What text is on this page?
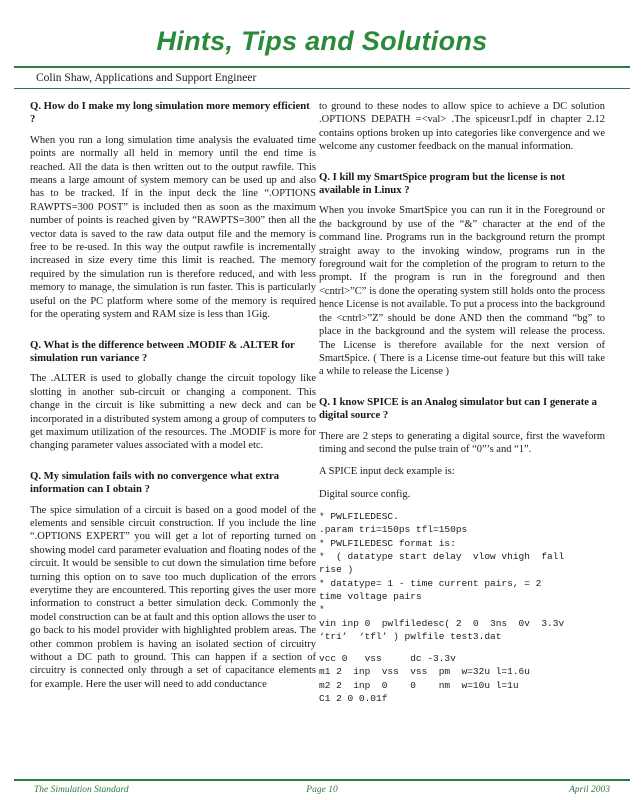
Hints, Tips and Solutions
Colin Shaw, Applications and Support Engineer
Q. How do I make my long simulation more memory efficient ?
When you run a long simulation time analysis the evaluated time points are normally all held in memory until the end time is reached. All the data is then written out to the output rawfile. This means a large amount of system memory can be used up and also has to be tracked. If in the input deck the line “.OPTIONS RAWPTS=300 POST” is included then as soon as the maximum number of points is reached given by “RAWPTS=300” then all the vector data is saved to the raw data output file and the memory is free to be re-used. In this way the output rawfile is incrementally increased in size every time this limit is reached. The memory required by the simulation run is therefore reduced, and with less memory to manage, the simulation is run faster. This is particularly useful on the PC platform where some of the memory is required for the operating system and RAM size is less than 1Gig.
Q. What is the difference between .MODIF & .ALTER for simulation run variance ?
The .ALTER is used to globally change the circuit topology like slotting in another sub-circuit or changing a component. This change in the circuit is like submitting a new deck and can be incorporated in a distributed system among a group of computers to get maximum utilization of the resources. The .MODIF is more for changing parameter values associated with a model etc.
Q. My simulation fails with no convergence what extra information can I obtain ?
The spice simulation of a circuit is based on a good model of the elements and sensible circuit construction. If you include the line “.OPTIONS EXPERT” you will get a lot of reporting turned on showing model card parameter evaluation and floating nodes of the circuit. It would be sensible to cut down the simulation time before turning this option on to save too much duplication of the errors everytime they are encountered. This reporting gives the user more information to construct a better simulation deck. Commonly the model construction can be at fault and this option allows the user to go back to his model provider with highlighted problem areas. The other common problem is having an isolated section of circuitry without a DC path to ground. This can happen if a section of circuitry is connected only through a set of capacitance elements for example. Here the user will need to add conductance
to ground to these nodes to allow spice to achieve a DC solution .OPTIONS DEPATH =<val> .The spiceusr1.pdf in chapter 2.12 contains options broken up into categories like convergence and we welcome any customer feedback on the manual information.
Q. I kill my SmartSpice program but the license is not available in Linux ?
When you invoke SmartSpice you can run it in the Foreground or the background by use of the “&” character at the end of the command line. Programs run in the background return the prompt straight away to the invoking window, programs run in the foreground wait for the completion of the program to return to the prompt. If the program is run in the foreground and then <cntrl>”C” is done the operating system still holds onto the process hence License is not available. To put a process into the background the <cntrl>”Z” should be done AND then the command “bg” to place in the background and the system will release the process. The License is therefore available for the next version of SmartSpice. ( There is a License time-out feature but this will take a while to release the License )
Q. I know SPICE is an Analog simulator but can I generate a digital source ?
There are 2 steps to generating a digital source, first the waveform timing and second the pulse train of “0”’s and “1”.
A SPICE input deck example is:
Digital source config.
* PWLFILEDESC.
.param tri=150ps tfl=150ps
* PWLFILEDESC format is:
*  ( datatype start delay  vlow vhigh  fall
rise )
* datatype= 1 - time current pairs, = 2
time voltage pairs
*
vin inp 0  pwlfiledesc( 2  0  3ns  0v  3.3v
‘tri’  ‘tfl’ ) pwlfile test3.dat
vcc 0   vss     dc -3.3v
m1 2  inp  vss  vss  pm  w=32u l=1.6u
m2 2  inp  0    0    nm  w=10u l=1u
C1 2 0 0.01f
The Simulation Standard	Page 10	April 2003
